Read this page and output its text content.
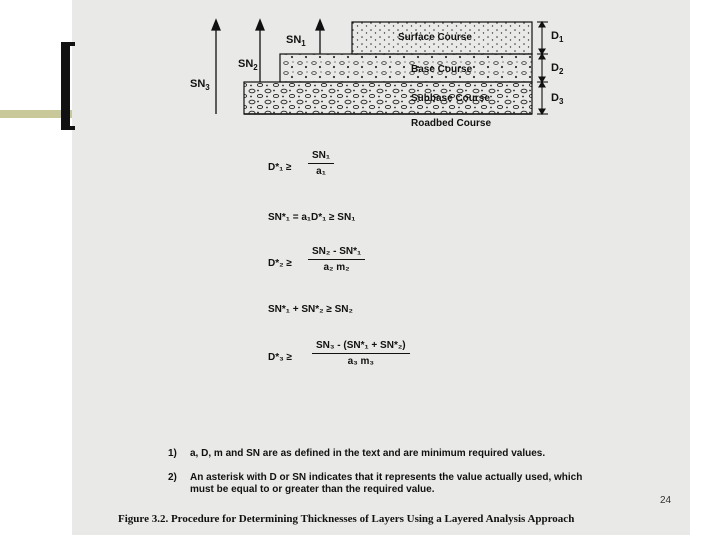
$SN_1$
$SN_2$
$SN_3$
Surface Course
Base Course
Subbase Course
Roadbed Course
$D_1$
$D_2$
$D_3$
$D*_1 \ge \frac{\text{SN₁}}{\text{a₁}}$
SN*₁ = a₁D*₁ ≥ SN₁
$D*_2 \ge \frac{\text{SN₂ - SN*₁}}{\text{a₂ m₂}}$
SN*₁ + SN*₂ ≥ SN₂
$D*_3 \ge \frac{\text{SN₃ - (SN*₁ + SN*₂)}}{\text{a₃ m₃}}$
1) a, D, m and SN are as defined in the text and are minimum required values.
2) An asterisk with D or SN indicates that it represents the value actually used, which
must be equal to or greater than the required value.
24
Figure 3.2. Procedure for Determining Thicknesses of Layers Using a Layered Analysis Approach
